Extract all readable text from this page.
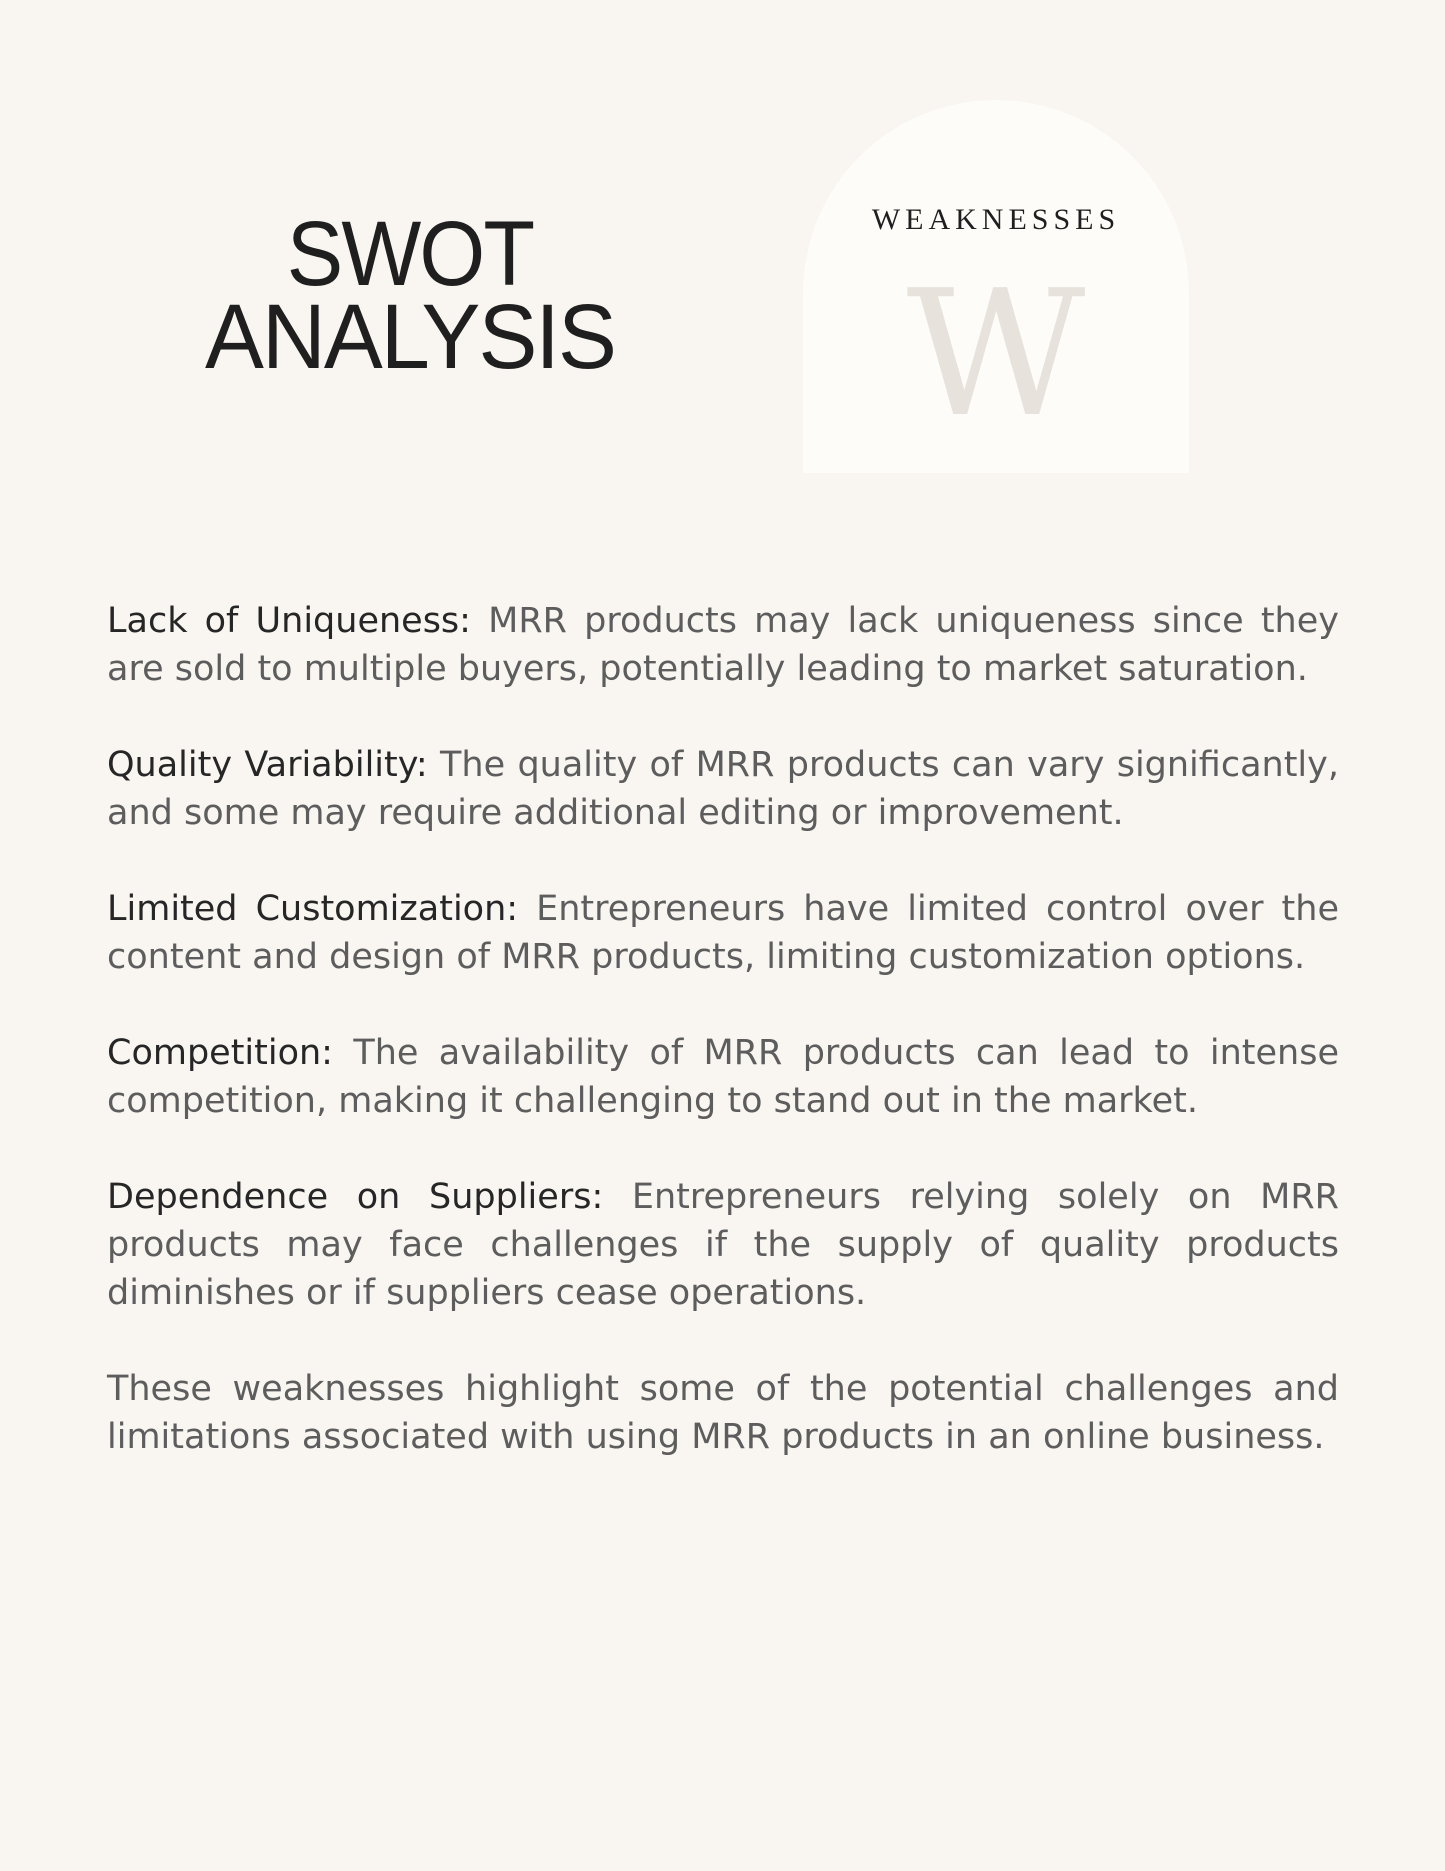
SWOT
ANALYSIS
WEAKNESSES
W

Lack of Uniqueness: MRR products may lack uniqueness since they are sold to multiple buyers, potentially leading to market saturation.

Quality Variability: The quality of MRR products can vary significantly, and some may require additional editing or improvement.

Limited Customization: Entrepreneurs have limited control over the content and design of MRR products, limiting customization options.

Competition: The availability of MRR products can lead to intense competition, making it challenging to stand out in the market.

Dependence on Suppliers: Entrepreneurs relying solely on MRR products may face challenges if the supply of quality products diminishes or if suppliers cease operations.

These weaknesses highlight some of the potential challenges and limitations associated with using MRR products in an online business.
